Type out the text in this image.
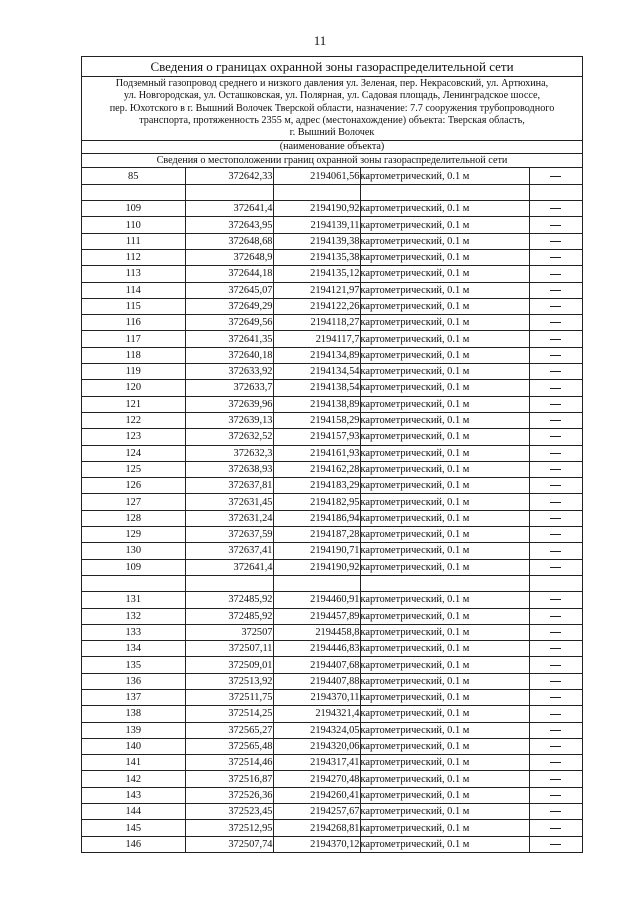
11
Сведения о границах охранной зоны газораспределительной сети
Подземный газопровод среднего и низкого давления ул. Зеленая, пер. Некрасовский, ул. Артюхина,
ул. Новгородская, ул. Осташковская, ул. Полярная, ул. Садовая площадь, Ленинградское шоссе,
пер. Юхотского в г. Вышний Волочек Тверской области, назначение: 7.7 сооружения трубопроводного
транспорта, протяженность 2355 м, адрес (местонахождение) объекта: Тверская область,
г. Вышний Волочек
(наименование объекта)
Сведения о местоположении границ охранной зоны газораспределительной сети
85	372642,33	2194061,56	картометрический, 0.1 м	

109	372641,4	2194190,92	картометрический, 0.1 м	
110	372643,95	2194139,11	картометрический, 0.1 м	
111	372648,68	2194139,38	картометрический, 0.1 м	
112	372648,9	2194135,38	картометрический, 0.1 м	
113	372644,18	2194135,12	картометрический, 0.1 м	
114	372645,07	2194121,97	картометрический, 0.1 м	
115	372649,29	2194122,26	картометрический, 0.1 м	
116	372649,56	2194118,27	картометрический, 0.1 м	
117	372641,35	2194117,7	картометрический, 0.1 м	
118	372640,18	2194134,89	картометрический, 0.1 м	
119	372633,92	2194134,54	картометрический, 0.1 м	
120	372633,7	2194138,54	картометрический, 0.1 м	
121	372639,96	2194138,89	картометрический, 0.1 м	
122	372639,13	2194158,29	картометрический, 0.1 м	
123	372632,52	2194157,93	картометрический, 0.1 м	
124	372632,3	2194161,93	картометрический, 0.1 м	
125	372638,93	2194162,28	картометрический, 0.1 м	
126	372637,81	2194183,29	картометрический, 0.1 м	
127	372631,45	2194182,95	картометрический, 0.1 м	
128	372631,24	2194186,94	картометрический, 0.1 м	
129	372637,59	2194187,28	картометрический, 0.1 м	
130	372637,41	2194190,71	картометрический, 0.1 м	
109	372641,4	2194190,92	картометрический, 0.1 м	

131	372485,92	2194460,91	картометрический, 0.1 м	
132	372485,92	2194457,89	картометрический, 0.1 м	
133	372507	2194458,8	картометрический, 0.1 м	
134	372507,11	2194446,83	картометрический, 0.1 м	
135	372509,01	2194407,68	картометрический, 0.1 м	
136	372513,92	2194407,88	картометрический, 0.1 м	
137	372511,75	2194370,11	картометрический, 0.1 м	
138	372514,25	2194321,4	картометрический, 0.1 м	
139	372565,27	2194324,05	картометрический, 0.1 м	
140	372565,48	2194320,06	картометрический, 0.1 м	
141	372514,46	2194317,41	картометрический, 0.1 м	
142	372516,87	2194270,48	картометрический, 0.1 м	
143	372526,36	2194260,41	картометрический, 0.1 м	
144	372523,45	2194257,67	картометрический, 0.1 м	
145	372512,95	2194268,81	картометрический, 0.1 м	
146	372507,74	2194370,12	картометрический, 0.1 м	
